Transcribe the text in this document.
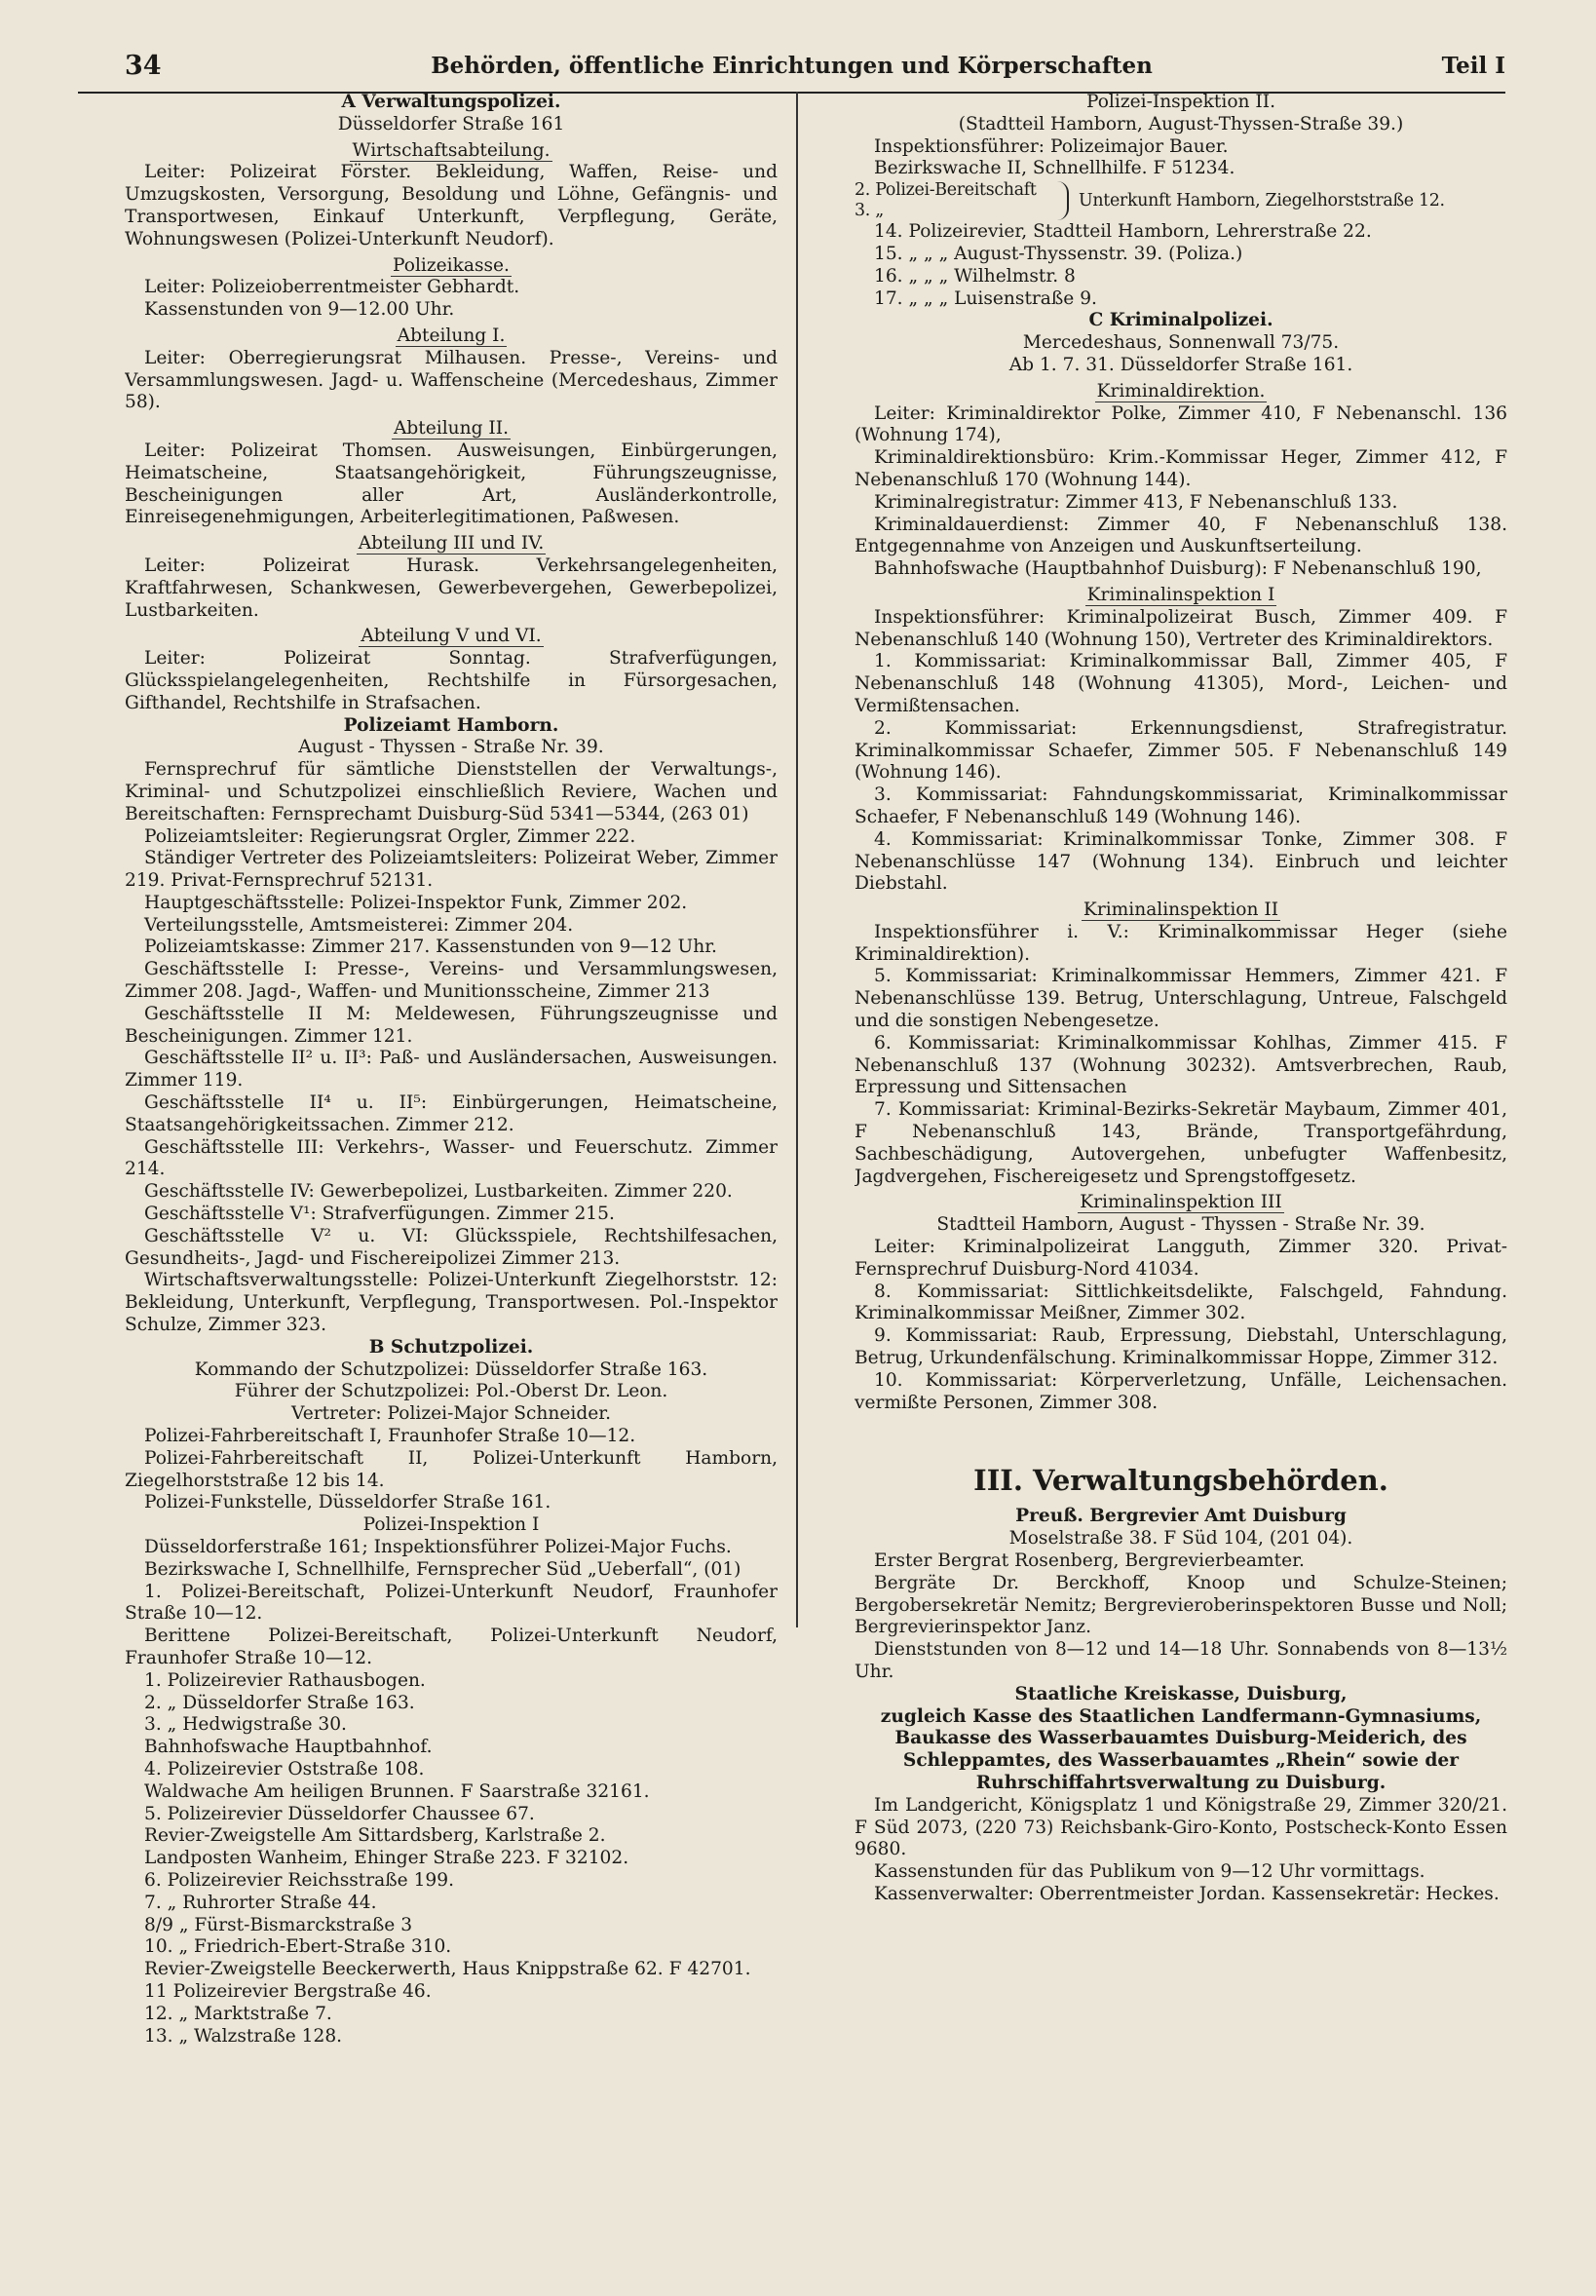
34	Behörden, öffentliche Einrichtungen und Körperschaften	Teil I

A Verwaltungspolizei.

Düsseldorfer Straße 161

Wirtschaftsabteilung.

Leiter: Polizeirat Förster. Bekleidung, Waffen, Reise- und Umzugskosten, Versorgung, Besoldung und Löhne, Gefängnis- und Transportwesen, Einkauf Unterkunft, Verpflegung, Geräte, Wohnungswesen (Polizei-Unterkunft Neudorf).

Polizeikasse.

Leiter: Polizeioberrentmeister Gebhardt.

Kassenstunden von 9—12.00 Uhr.

Abteilung I.

Leiter: Oberregierungsrat Milhausen. Presse-, Vereins- und Versammlungswesen. Jagd- u. Waffenscheine (Mercedeshaus, Zimmer 58).

Abteilung II.

Leiter: Polizeirat Thomsen. Ausweisungen, Einbürgerungen, Heimatscheine, Staatsangehörigkeit, Führungszeugnisse, Bescheinigungen aller Art, Ausländerkontrolle, Einreisegenehmigungen, Arbeiterlegitimationen, Paßwesen.

Abteilung III und IV.

Leiter: Polizeirat Hurask. Verkehrsangelegenheiten, Kraftfahrwesen, Schankwesen, Gewerbevergehen, Gewerbepolizei, Lustbarkeiten.

Abteilung V und VI.

Leiter: Polizeirat Sonntag. Strafverfügungen, Glücksspielangelegenheiten, Rechtshilfe in Fürsorgesachen, Gifthandel, Rechtshilfe in Strafsachen.

Polizeiamt Hamborn.

August - Thyssen - Straße Nr. 39.

Fernsprechruf für sämtliche Dienststellen der Verwaltungs-, Kriminal- und Schutzpolizei einschließlich Reviere, Wachen und Bereitschaften: Fernsprechamt Duisburg-Süd 5341—5344, (263 01)

Polizeiamtsleiter: Regierungsrat Orgler, Zimmer 222.

Ständiger Vertreter des Polizeiamtsleiters: Polizeirat Weber, Zimmer 219. Privat-Fernsprechruf 52131.

Hauptgeschäftsstelle: Polizei-Inspektor Funk, Zimmer 202.

Verteilungsstelle, Amtsmeisterei: Zimmer 204.

Polizeiamtskasse: Zimmer 217. Kassenstunden von 9—12 Uhr.

Geschäftsstelle I: Presse-, Vereins- und Versammlungswesen, Zimmer 208. Jagd-, Waffen- und Munitionsscheine, Zimmer 213

Geschäftsstelle II M: Meldewesen, Führungszeugnisse und Bescheinigungen. Zimmer 121.

Geschäftsstelle II² u. II³: Paß- und Ausländersachen, Ausweisungen. Zimmer 119.

Geschäftsstelle II⁴ u. II⁵: Einbürgerungen, Heimatscheine, Staatsangehörigkeitssachen. Zimmer 212.

Geschäftsstelle III: Verkehrs-, Wasser- und Feuerschutz. Zimmer 214.

Geschäftsstelle IV: Gewerbepolizei, Lustbarkeiten. Zimmer 220.

Geschäftsstelle V¹: Strafverfügungen. Zimmer 215.

Geschäftsstelle V² u. VI: Glücksspiele, Rechtshilfesachen, Gesundheits-, Jagd- und Fischereipolizei Zimmer 213.

Wirtschaftsverwaltungsstelle: Polizei-Unterkunft Ziegelhorststr. 12: Bekleidung, Unterkunft, Verpflegung, Transportwesen. Pol.-Inspektor Schulze, Zimmer 323.

B Schutzpolizei.

Kommando der Schutzpolizei: Düsseldorfer Straße 163.

Führer der Schutzpolizei: Pol.-Oberst Dr. Leon.

Vertreter: Polizei-Major Schneider.

Polizei-Fahrbereitschaft I, Fraunhofer Straße 10—12.

Polizei-Fahrbereitschaft II, Polizei-Unterkunft Hamborn, Ziegelhorststraße 12 bis 14.

Polizei-Funkstelle, Düsseldorfer Straße 161.

Polizei-Inspektion I

Düsseldorferstraße 161; Inspektionsführer Polizei-Major Fuchs.

Bezirkswache I, Schnellhilfe, Fernsprecher Süd „Ueberfall“, (01)

1. Polizei-Bereitschaft, Polizei-Unterkunft Neudorf, Fraunhofer Straße 10—12.

Berittene Polizei-Bereitschaft, Polizei-Unterkunft Neudorf, Fraunhofer Straße 10—12.

1. Polizeirevier Rathausbogen.

2. „ Düsseldorfer Straße 163.

3. „ Hedwigstraße 30.

Bahnhofswache Hauptbahnhof.

4. Polizeirevier Oststraße 108.

Waldwache Am heiligen Brunnen. F Saarstraße 32161.

5. Polizeirevier Düsseldorfer Chaussee 67.

Revier-Zweigstelle Am Sittardsberg, Karlstraße 2.

Landposten Wanheim, Ehinger Straße 223. F 32102.

6. Polizeirevier Reichsstraße 199.

7. „ Ruhrorter Straße 44.

8/9 „ Fürst-Bismarckstraße 3

10. „ Friedrich-Ebert-Straße 310.

Revier-Zweigstelle Beeckerwerth, Haus Knippstraße 62. F 42701.

11 Polizeirevier Bergstraße 46.

12. „ Marktstraße 7.

13. „ Walzstraße 128.

Polizei-Inspektion II.

(Stadtteil Hamborn, August-Thyssen-Straße 39.)

Inspektionsführer: Polizeimajor Bauer.

Bezirkswache II, Schnellhilfe. F 51234.

2. Polizei-Bereitschaft
3. „
Unterkunft Hamborn, Ziegelhorststraße 12.

14. Polizeirevier, Stadtteil Hamborn, Lehrerstraße 22.

15. „ „ „ August-Thyssenstr. 39. (Poliza.)

16. „ „ „ Wilhelmstr. 8

17. „ „ „ Luisenstraße 9.

C Kriminalpolizei.

Mercedeshaus, Sonnenwall 73/75.

Ab 1. 7. 31. Düsseldorfer Straße 161.

Kriminaldirektion.

Leiter: Kriminaldirektor Polke, Zimmer 410, F Nebenanschl. 136 (Wohnung 174),

Kriminaldirektionsbüro: Krim.-Kommissar Heger, Zimmer 412, F Nebenanschluß 170 (Wohnung 144).

Kriminalregistratur: Zimmer 413, F Nebenanschluß 133.

Kriminaldauerdienst: Zimmer 40, F Nebenanschluß 138. Entgegennahme von Anzeigen und Auskunftserteilung.

Bahnhofswache (Hauptbahnhof Duisburg): F Nebenanschluß 190,

Kriminalinspektion I

Inspektionsführer: Kriminalpolizeirat Busch, Zimmer 409. F Nebenanschluß 140 (Wohnung 150), Vertreter des Kriminaldirektors.

1. Kommissariat: Kriminalkommissar Ball, Zimmer 405, F Nebenanschluß 148 (Wohnung 41305), Mord-, Leichen- und Vermißtensachen.

2. Kommissariat: Erkennungsdienst, Strafregistratur. Kriminalkommissar Schaefer, Zimmer 505. F Nebenanschluß 149 (Wohnung 146).

3. Kommissariat: Fahndungskommissariat, Kriminalkommissar Schaefer, F Nebenanschluß 149 (Wohnung 146).

4. Kommissariat: Kriminalkommissar Tonke, Zimmer 308. F Nebenanschlüsse 147 (Wohnung 134). Einbruch und leichter Diebstahl.

Kriminalinspektion II

Inspektionsführer i. V.: Kriminalkommissar Heger (siehe Kriminaldirektion).

5. Kommissariat: Kriminalkommissar Hemmers, Zimmer 421. F Nebenanschlüsse 139. Betrug, Unterschlagung, Untreue, Falschgeld und die sonstigen Nebengesetze.

6. Kommissariat: Kriminalkommissar Kohlhas, Zimmer 415. F Nebenanschluß 137 (Wohnung 30232). Amtsverbrechen, Raub, Erpressung und Sittensachen

7. Kommissariat: Kriminal-Bezirks-Sekretär Maybaum, Zimmer 401, F Nebenanschluß 143, Brände, Transportgefährdung, Sachbeschädigung, Autovergehen, unbefugter Waffenbesitz, Jagdvergehen, Fischereigesetz und Sprengstoffgesetz.

Kriminalinspektion III

Stadtteil Hamborn, August - Thyssen - Straße Nr. 39.

Leiter: Kriminalpolizeirat Langguth, Zimmer 320. Privat-Fernsprechruf Duisburg-Nord 41034.

8. Kommissariat: Sittlichkeitsdelikte, Falschgeld, Fahndung. Kriminalkommissar Meißner, Zimmer 302.

9. Kommissariat: Raub, Erpressung, Diebstahl, Unterschlagung, Betrug, Urkundenfälschung. Kriminalkommissar Hoppe, Zimmer 312.

10. Kommissariat: Körperverletzung, Unfälle, Leichensachen. vermißte Personen, Zimmer 308.

III. Verwaltungsbehörden.

Preuß. Bergrevier Amt Duisburg

Moselstraße 38. F Süd 104, (201 04).

Erster Bergrat Rosenberg, Bergrevierbeamter.

Bergräte Dr. Berckhoff, Knoop und Schulze-Steinen; Bergobersekretär Nemitz; Bergrevieroberinspektoren Busse und Noll; Bergrevierinspektor Janz.

Dienststunden von 8—12 und 14—18 Uhr. Sonnabends von 8—13½ Uhr.

Staatliche Kreiskasse, Duisburg,

zugleich Kasse des Staatlichen Landfermann-Gymnasiums, Baukasse des Wasserbauamtes Duisburg-Meiderich, des Schleppamtes, des Wasserbauamtes „Rhein“ sowie der Ruhrschiffahrtsverwaltung zu Duisburg.

Im Landgericht, Königsplatz 1 und Königstraße 29, Zimmer 320/21. F Süd 2073, (220 73) Reichsbank-Giro-Konto, Postscheck-Konto Essen 9680.

Kassenstunden für das Publikum von 9—12 Uhr vormittags.

Kassenverwalter: Oberrentmeister Jordan. Kassensekretär: Heckes.
